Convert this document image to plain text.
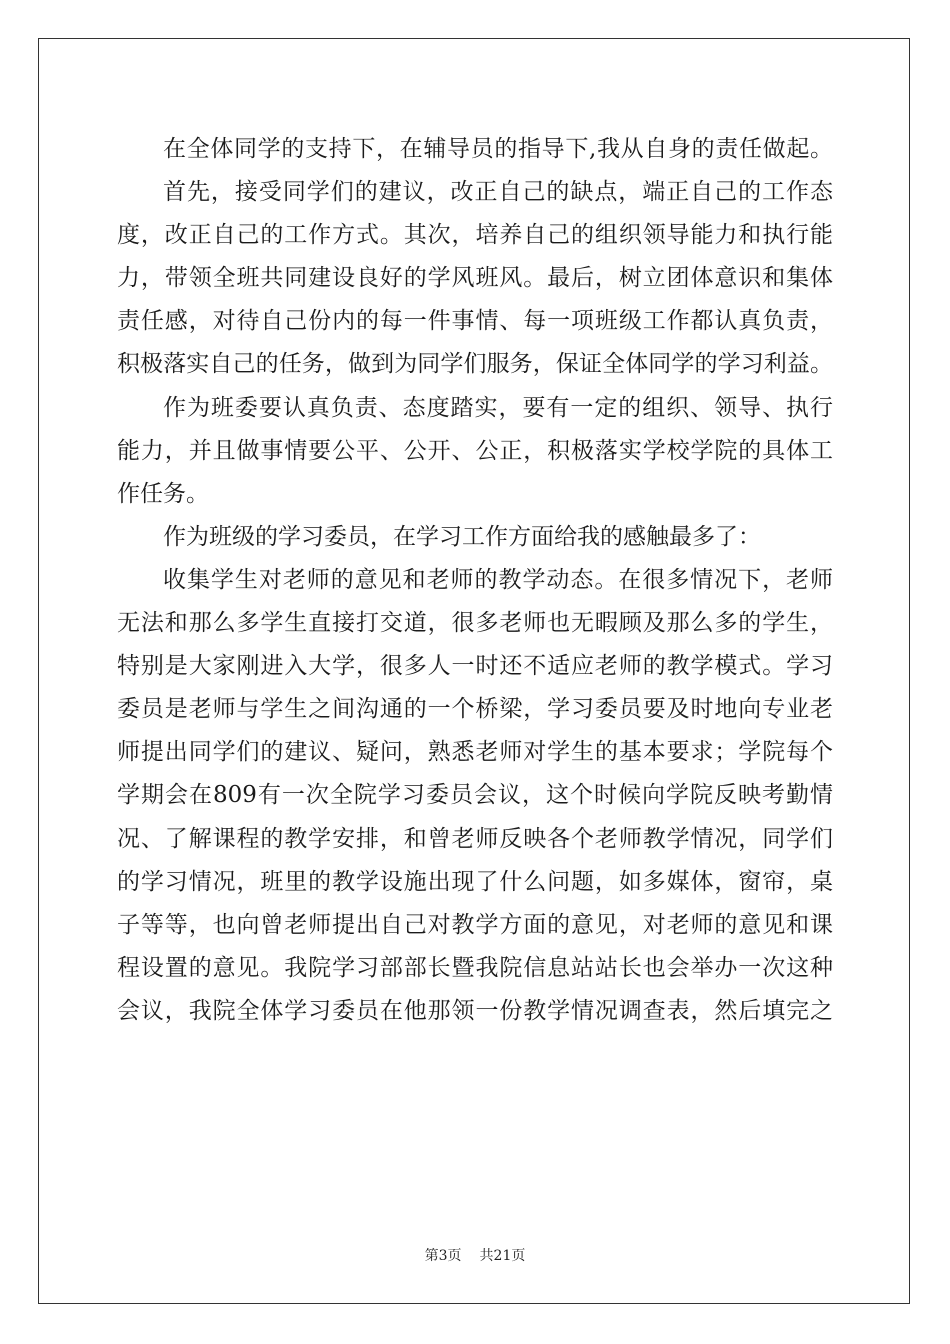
在全体同学的支持下，在辅导员的指导下,我从自身的责任做起。
首先，接受同学们的建议，改正自己的缺点，端正自己的工作态
度，改正自己的工作方式。其次，培养自己的组织领导能力和执行能
力，带领全班共同建设良好的学风班风。最后，树立团体意识和集体
责任感，对待自己份内的每一件事情、每一项班级工作都认真负责，
积极落实自己的任务，做到为同学们服务，保证全体同学的学习利益。
作为班委要认真负责、态度踏实，要有一定的组织、领导、执行
能力，并且做事情要公平、公开、公正，积极落实学校学院的具体工
作任务。
作为班级的学习委员，在学习工作方面给我的感触最多了：
收集学生对老师的意见和老师的教学动态。在很多情况下，老师
无法和那么多学生直接打交道，很多老师也无暇顾及那么多的学生，
特别是大家刚进入大学，很多人一时还不适应老师的教学模式。学习
委员是老师与学生之间沟通的一个桥梁，学习委员要及时地向专业老
师提出同学们的建议、疑问，熟悉老师对学生的基本要求；学院每个
学期会在809有一次全院学习委员会议，这个时候向学院反映考勤情
况、了解课程的教学安排，和曾老师反映各个老师教学情况，同学们
的学习情况，班里的教学设施出现了什么问题，如多媒体，窗帘，桌
子等等，也向曾老师提出自己对教学方面的意见，对老师的意见和课
程设置的意见。我院学习部部长暨我院信息站站长也会举办一次这种
会议，我院全体学习委员在他那领一份教学情况调查表，然后填完之
第3页 共21页
